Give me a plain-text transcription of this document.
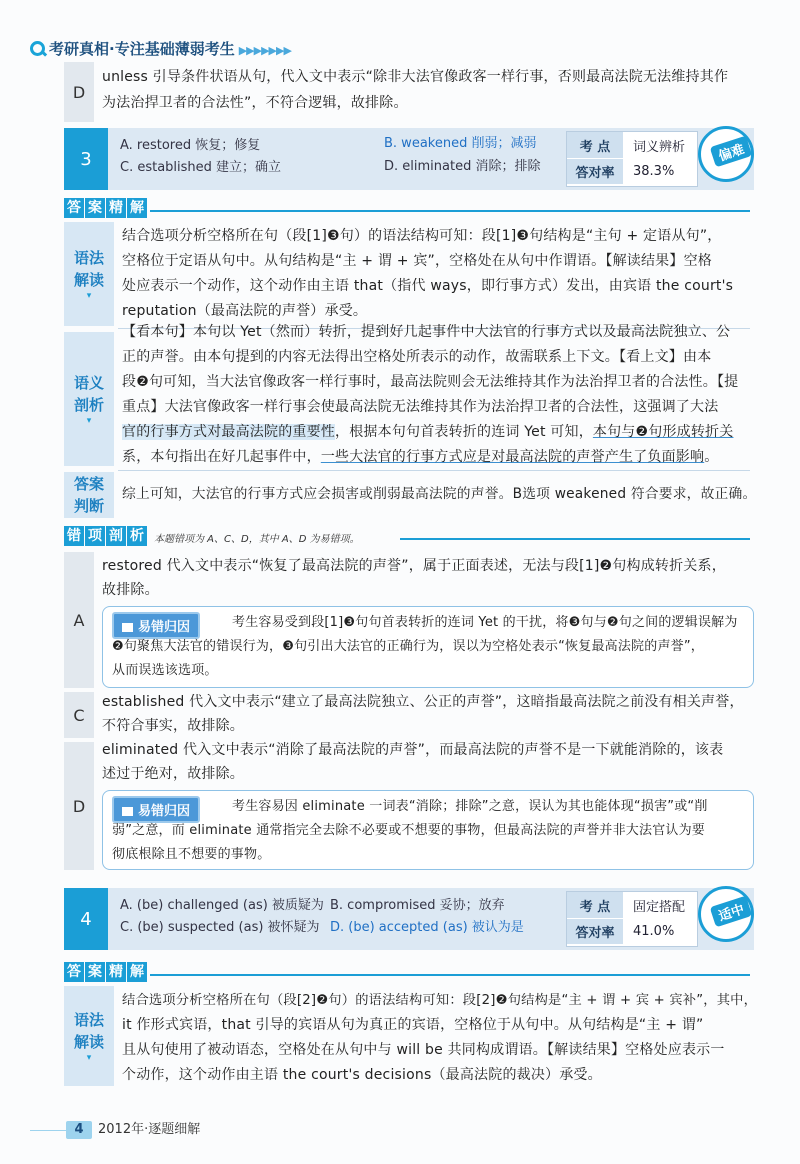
考研真相·专注基础薄弱考生 ▶▶▶▶▶▶▶
D
unless 引导条件状语从句，代入文中表示“除非大法官像政客一样行事，否则最高法院无法维持其作
为法治捍卫者的合法性”，不符合逻辑，故排除。
3
A. restored 恢复；修复	B. weakened 削弱；减弱
C. established 建立；确立	D. eliminated 消除；排除
考 点	词义辨析
答对率	38.3%
偏难
答 案 精 解
语法
解读
▾
结合选项分析空格所在句（段[1]❸句）的语法结构可知：段[1]❸句结构是“主句 + 定语从句”，
空格位于定语从句中。从句结构是“主 + 谓 + 宾”，空格处在从句中作谓语。【解读结果】空格
处应表示一个动作，这个动作由主语 that（指代 ways，即行事方式）发出，由宾语 the court's
reputation（最高法院的声誉）承受。
语义
剖析
▾
【看本句】本句以 Yet（然而）转折，提到好几起事件中大法官的行事方式以及最高法院独立、公
正的声誉。由本句提到的内容无法得出空格处所表示的动作，故需联系上下文。【看上文】由本
段❷句可知，当大法官像政客一样行事时，最高法院则会无法维持其作为法治捍卫者的合法性。【提
重点】大法官像政客一样行事会使最高法院无法维持其作为法治捍卫者的合法性，这强调了大法
官的行事方式对最高法院的重要性，根据本句句首表转折的连词 Yet 可知，本句与❷句形成转折关
系，本句指出在好几起事件中，一些大法官的行事方式应是对最高法院的声誉产生了负面影响。
答案
判断
综上可知，大法官的行事方式应会损害或削弱最高法院的声誉。B选项 weakened 符合要求，故正确。
错 项 剖 析	本题错项为 A、C、D，其中 A、D 为易错项。
A
restored 代入文中表示“恢复了最高法院的声誉”，属于正面表述，无法与段[1]❷句构成转折关系，
故排除。
易错归因	考生容易受到段[1]❸句句首表转折的连词 Yet 的干扰，将❸句与❷句之间的逻辑误解为
❷句聚焦大法官的错误行为，❸句引出大法官的正确行为，误以为空格处表示“恢复最高法院的声誉”，
从而误选该选项。
C
established 代入文中表示“建立了最高法院独立、公正的声誉”，这暗指最高法院之前没有相关声誉，
不符合事实，故排除。
D
eliminated 代入文中表示“消除了最高法院的声誉”，而最高法院的声誉不是一下就能消除的，该表
述过于绝对，故排除。
易错归因	考生容易因 eliminate 一词表“消除；排除”之意，误认为其也能体现“损害”或“削
弱”之意，而 eliminate 通常指完全去除不必要或不想要的事物，但最高法院的声誉并非大法官认为要
彻底根除且不想要的事物。
4
A. (be) challenged (as) 被质疑为 B. compromised 妥协；放弃
C. (be) suspected (as) 被怀疑为 D. (be) accepted (as) 被认为是
考 点	固定搭配
答对率	41.0%
适中
答 案 精 解
语法
解读
▾
结合选项分析空格所在句（段[2]❷句）的语法结构可知：段[2]❷句结构是“主 + 谓 + 宾 + 宾补”，其中，
it 作形式宾语，that 引导的宾语从句为真正的宾语，空格位于从句中。从句结构是“主 + 谓”
且从句使用了被动语态，空格处在从句中与 will be 共同构成谓语。【解读结果】空格处应表示一
个动作，这个动作由主语 the court's decisions（最高法院的裁决）承受。
4	2012年·逐题细解
